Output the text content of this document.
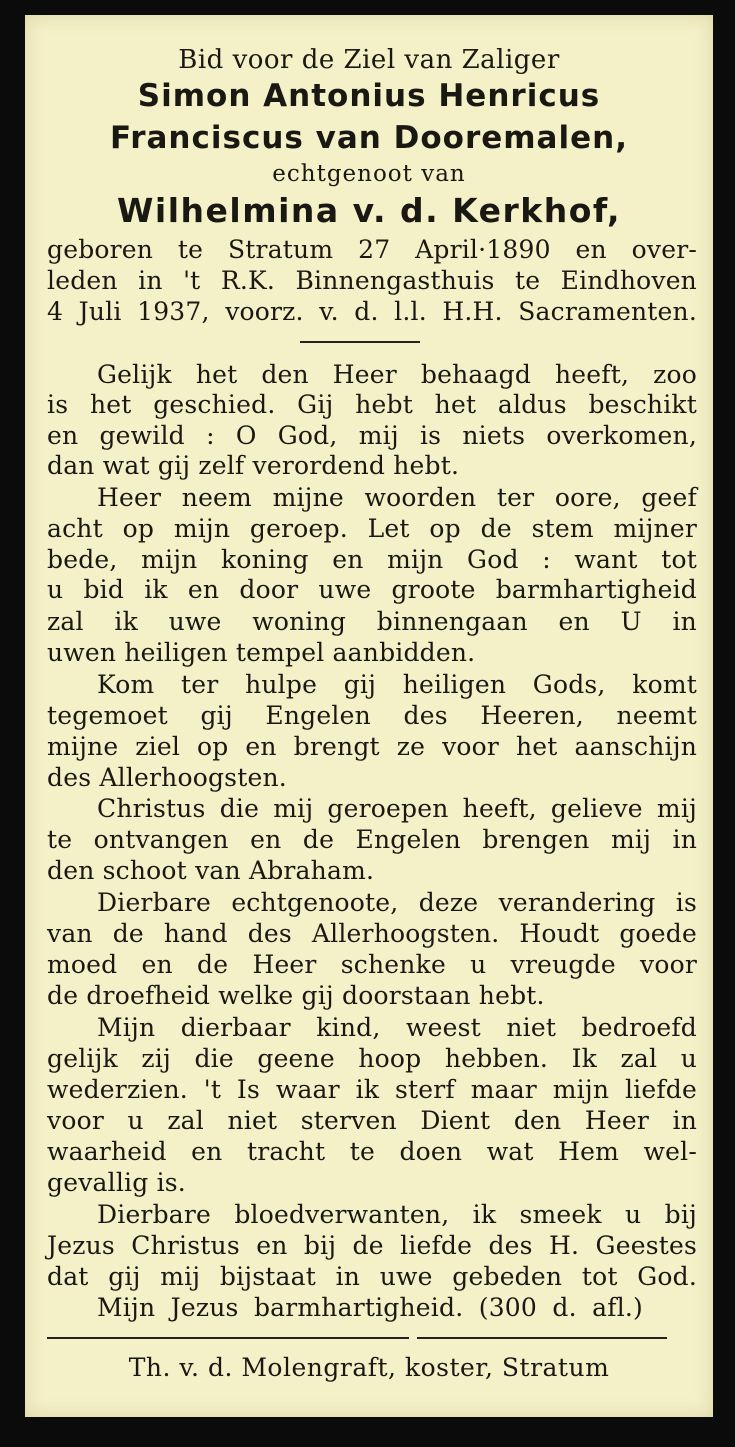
Bid voor de Ziel van Zaliger
Simon Antonius Henricus
Franciscus van Dooremalen,
echtgenoot van
Wilhelmina v. d. Kerkhof,
geboren te Stratum 27 April·1890 en over-
leden in 't R.K. Binnengasthuis te Eindhoven
4 Juli 1937, voorz. v. d. l.l. H.H. Sacramenten.
Gelijk het den Heer behaagd heeft, zoo
is het geschied. Gij hebt het aldus beschikt
en gewild : O God, mij is niets overkomen,
dan wat gij zelf verordend hebt.
Heer neem mijne woorden ter oore, geef
acht op mijn geroep. Let op de stem mijner
bede, mijn koning en mijn God : want tot
u bid ik en door uwe groote barmhartigheid
zal ik uwe woning binnengaan en U in
uwen heiligen tempel aanbidden.
Kom ter hulpe gij heiligen Gods, komt
tegemoet gij Engelen des Heeren, neemt
mijne ziel op en brengt ze voor het aanschijn
des Allerhoogsten.
Christus die mij geroepen heeft, gelieve mij
te ontvangen en de Engelen brengen mij in
den schoot van Abraham.
Dierbare echtgenoote, deze verandering is
van de hand des Allerhoogsten. Houdt goede
moed en de Heer schenke u vreugde voor
de droefheid welke gij doorstaan hebt.
Mijn dierbaar kind, weest niet bedroefd
gelijk zij die geene hoop hebben. Ik zal u
wederzien. 't Is waar ik sterf maar mijn liefde
voor u zal niet sterven Dient den Heer in
waarheid en tracht te doen wat Hem wel-
gevallig is.
Dierbare bloedverwanten, ik smeek u bij
Jezus Christus en bij de liefde des H. Geestes
dat gij mij bijstaat in uwe gebeden tot God.
Mijn Jezus barmhartigheid. (300 d. afl.)
Th. v. d. Molengraft, koster, Stratum
